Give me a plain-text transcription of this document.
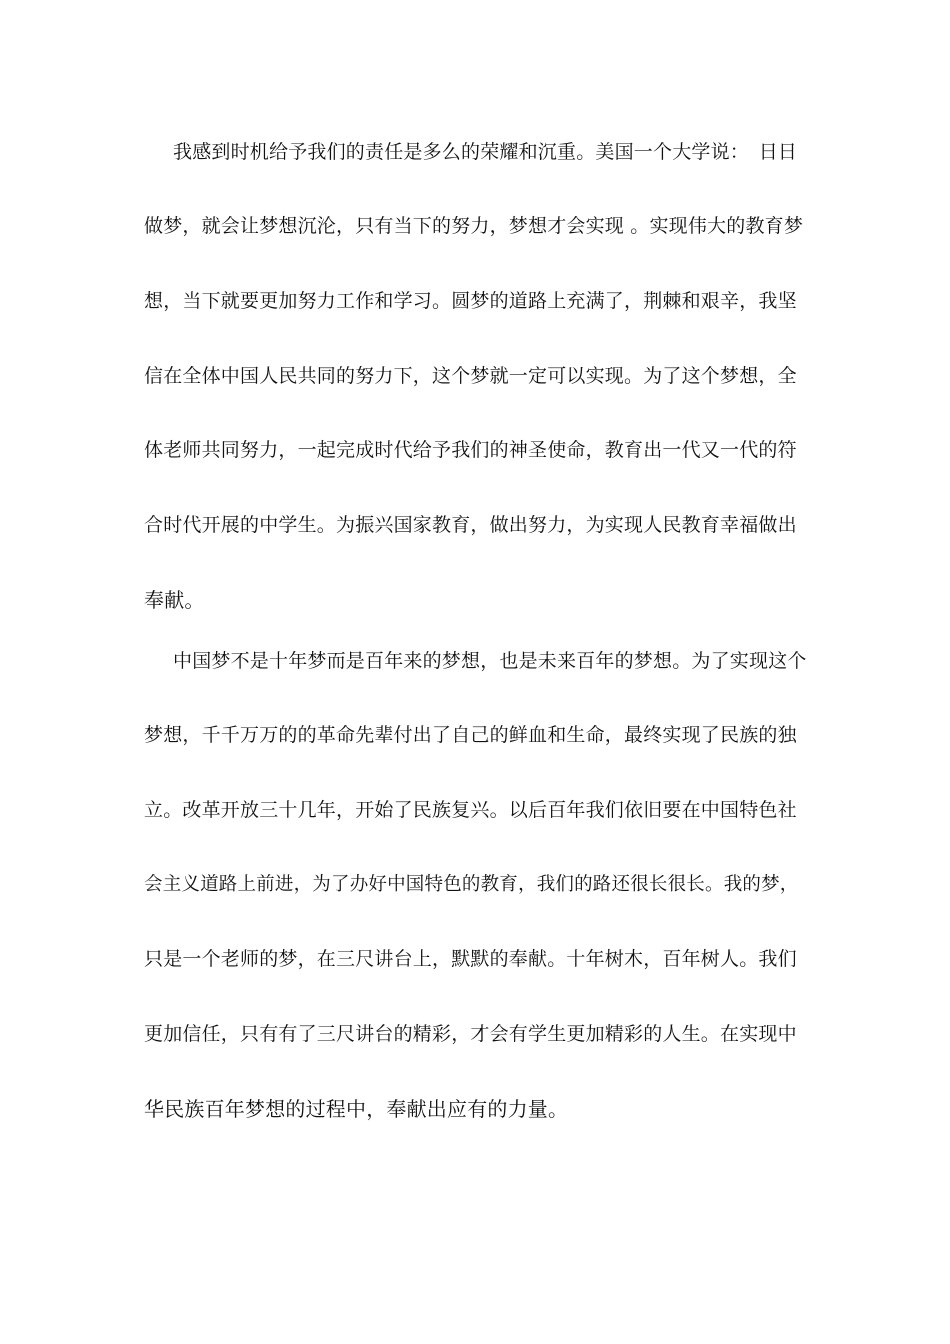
我感到时机给予我们的责任是多么的荣耀和沉重。美国一个大学说：　日日
做梦，就会让梦想沉沦，只有当下的努力，梦想才会实现 。实现伟大的教育梦
想，当下就要更加努力工作和学习。圆梦的道路上充满了，荆棘和艰辛，我坚
信在全体中国人民共同的努力下，这个梦就一定可以实现。为了这个梦想，全
体老师共同努力，一起完成时代给予我们的神圣使命，教育出一代又一代的符
合时代开展的中学生。为振兴国家教育，做出努力，为实现人民教育幸福做出
奉献。
中国梦不是十年梦而是百年来的梦想，也是未来百年的梦想。为了实现这个
梦想，千千万万的的革命先辈付出了自己的鲜血和生命，最终实现了民族的独
立。改革开放三十几年，开始了民族复兴。以后百年我们依旧要在中国特色社
会主义道路上前进，为了办好中国特色的教育，我们的路还很长很长。我的梦，
只是一个老师的梦，在三尺讲台上，默默的奉献。十年树木，百年树人。我们
更加信任，只有有了三尺讲台的精彩，才会有学生更加精彩的人生。在实现中
华民族百年梦想的过程中，奉献出应有的力量。
